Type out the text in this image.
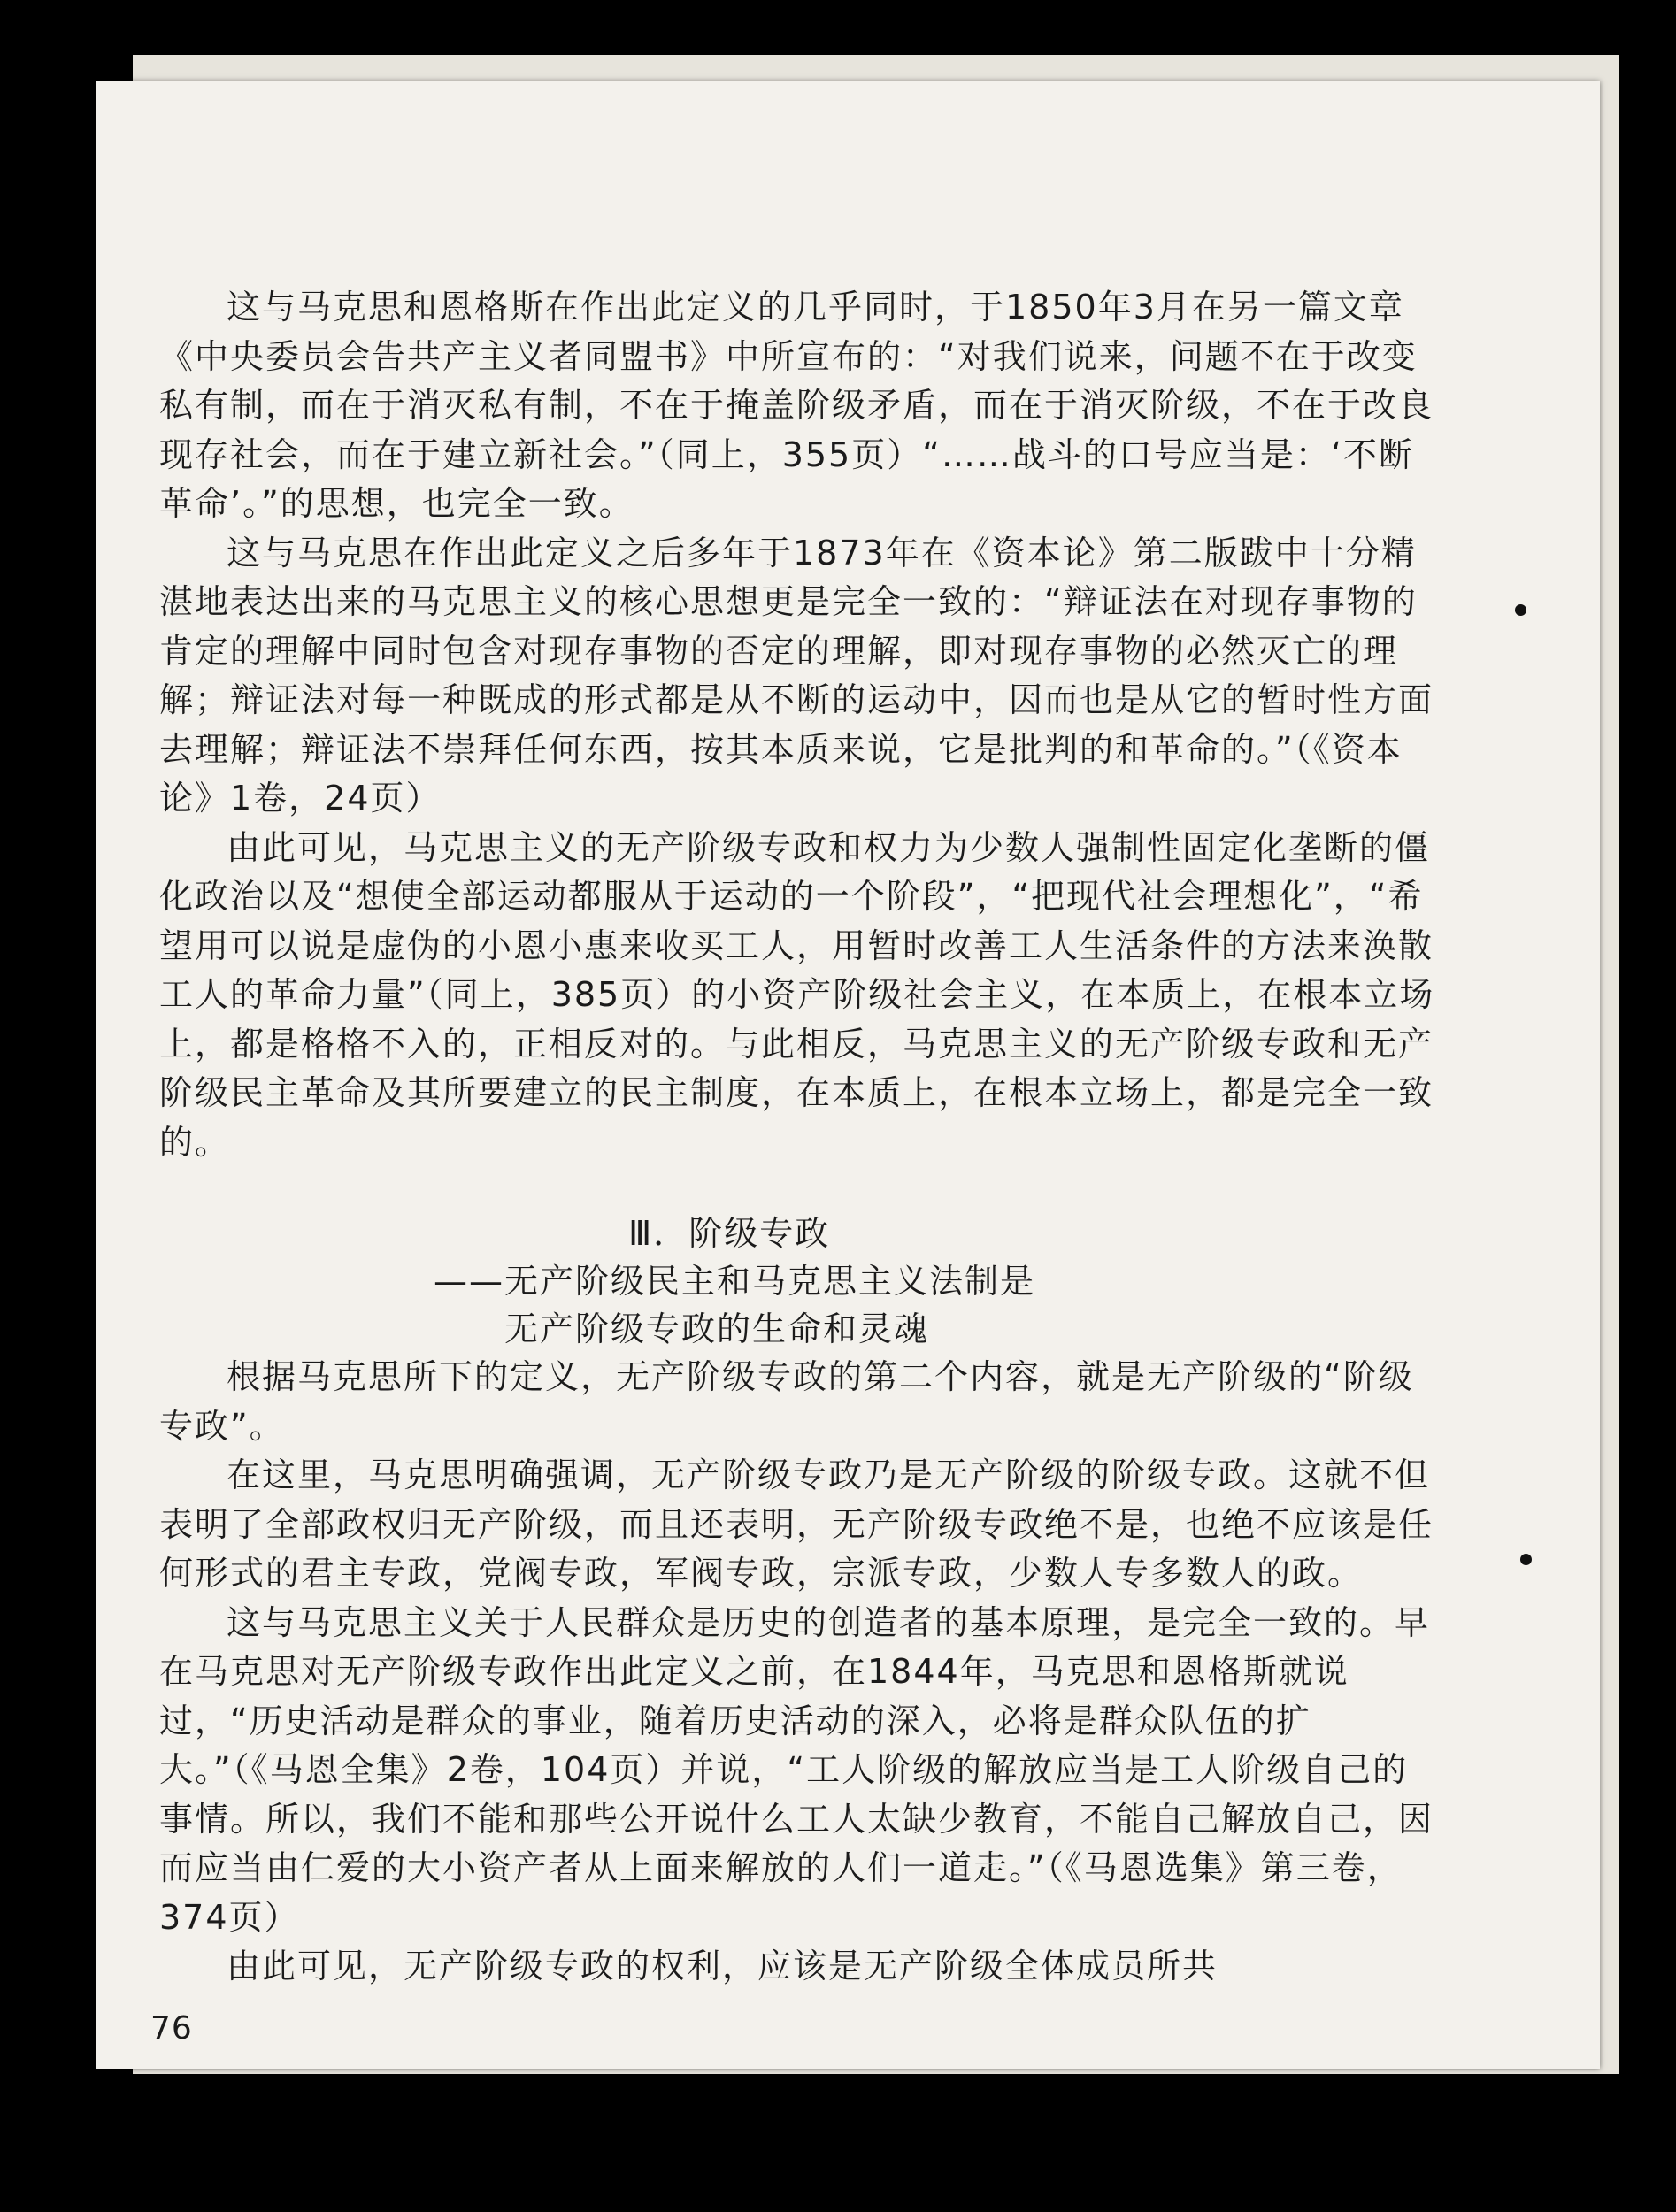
这与马克思和恩格斯在作出此定义的几乎同时，于1850年3月在另一篇文章《中央委员会告共产主义者同盟书》中所宣布的：“对我们说来，问题不在于改变私有制，而在于消灭私有制，不在于掩盖阶级矛盾，而在于消灭阶级，不在于改良现存社会，而在于建立新社会。”（同上，355页）“……战斗的口号应当是：‘不断革命’。”的思想，也完全一致。

这与马克思在作出此定义之后多年于1873年在《资本论》第二版跋中十分精湛地表达出来的马克思主义的核心思想更是完全一致的：“辩证法在对现存事物的肯定的理解中同时包含对现存事物的否定的理解，即对现存事物的必然灭亡的理解；辩证法对每一种既成的形式都是从不断的运动中，因而也是从它的暂时性方面去理解；辩证法不崇拜任何东西，按其本质来说，它是批判的和革命的。”（《资本论》1卷，24页）

由此可见，马克思主义的无产阶级专政和权力为少数人强制性固定化垄断的僵化政治以及“想使全部运动都服从于运动的一个阶段”，“把现代社会理想化”，“希望用可以说是虚伪的小恩小惠来收买工人，用暂时改善工人生活条件的方法来涣散工人的革命力量”（同上，385页）的小资产阶级社会主义，在本质上，在根本立场上，都是格格不入的，正相反对的。与此相反，马克思主义的无产阶级专政和无产阶级民主革命及其所要建立的民主制度，在本质上，在根本立场上，都是完全一致的。

Ⅲ．阶级专政

——无产阶级民主和马克思主义法制是

无产阶级专政的生命和灵魂

根据马克思所下的定义，无产阶级专政的第二个内容，就是无产阶级的“阶级专政”。

在这里，马克思明确强调，无产阶级专政乃是无产阶级的阶级专政。这就不但表明了全部政权归无产阶级，而且还表明，无产阶级专政绝不是，也绝不应该是任何形式的君主专政，党阀专政，军阀专政，宗派专政，少数人专多数人的政。

这与马克思主义关于人民群众是历史的创造者的基本原理，是完全一致的。早在马克思对无产阶级专政作出此定义之前，在1844年，马克思和恩格斯就说过，“历史活动是群众的事业，随着历史活动的深入，必将是群众队伍的扩大。”（《马恩全集》2卷，104页）并说，“工人阶级的解放应当是工人阶级自己的事情。所以，我们不能和那些公开说什么工人太缺少教育，不能自己解放自己，因而应当由仁爱的大小资产者从上面来解放的人们一道走。”（《马恩选集》第三卷，374页）

由此可见，无产阶级专政的权利，应该是无产阶级全体成员所共

76
